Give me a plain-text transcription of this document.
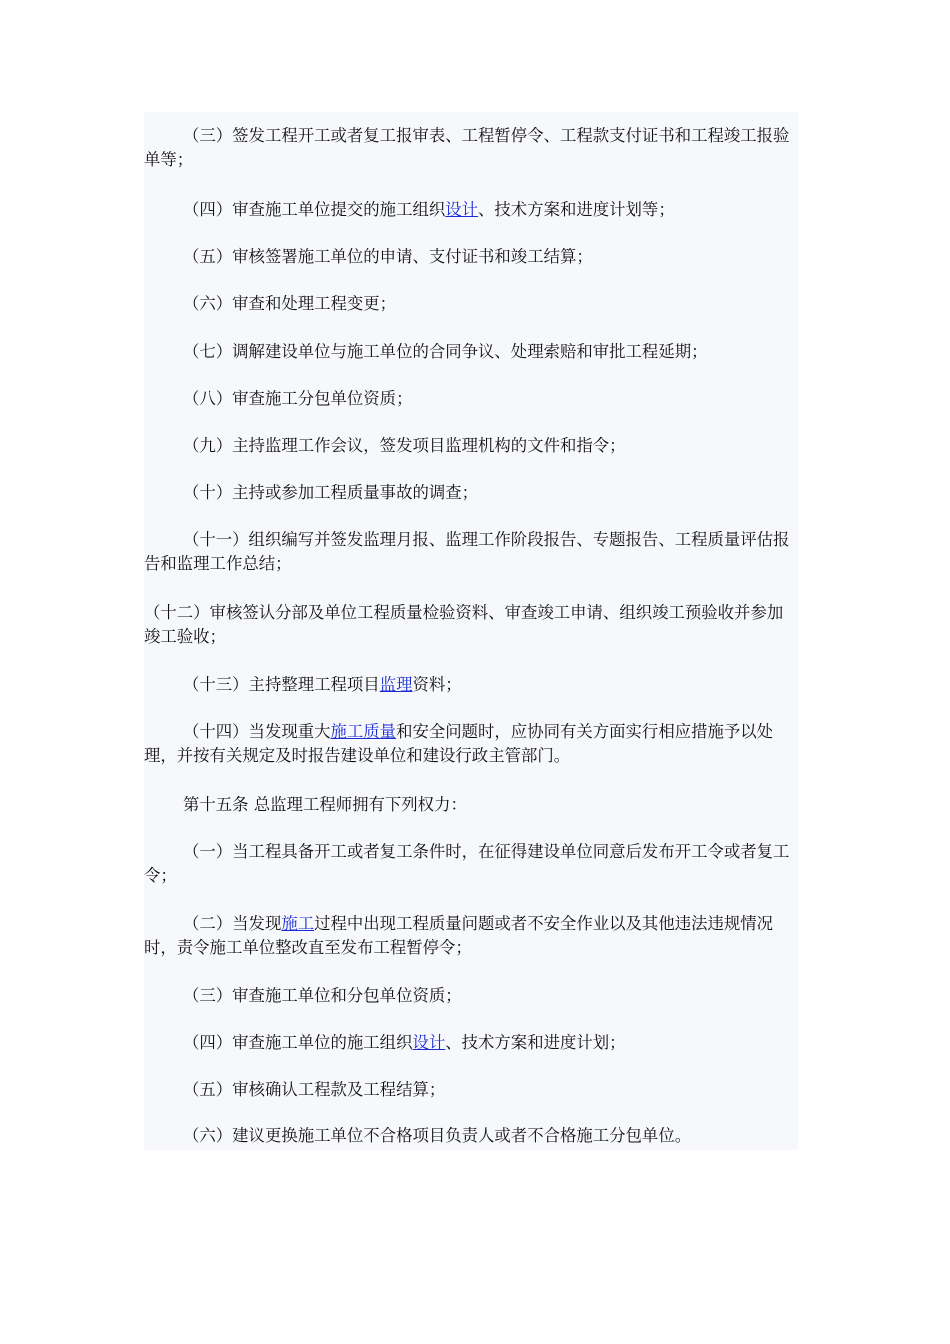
（三）签发工程开工或者复工报审表、工程暂停令、工程款支付证书和工程竣工报验单等；

（四）审查施工单位提交的施工组织设计、技术方案和进度计划等；

（五）审核签署施工单位的申请、支付证书和竣工结算；

（六）审查和处理工程变更；

（七）调解建设单位与施工单位的合同争议、处理索赔和审批工程延期；

（八）审查施工分包单位资质；

（九）主持监理工作会议，签发项目监理机构的文件和指令；

（十）主持或参加工程质量事故的调查；

（十一）组织编写并签发监理月报、监理工作阶段报告、专题报告、工程质量评估报告和监理工作总结；

（十二）审核签认分部及单位工程质量检验资料、审查竣工申请、组织竣工预验收并参加竣工验收；

（十三）主持整理工程项目监理资料；

（十四）当发现重大施工质量和安全问题时，应协同有关方面实行相应措施予以处理，并按有关规定及时报告建设单位和建设行政主管部门。

第十五条 总监理工程师拥有下列权力：

（一）当工程具备开工或者复工条件时，在征得建设单位同意后发布开工令或者复工令；

（二）当发现施工过程中出现工程质量问题或者不安全作业以及其他违法违规情况时，责令施工单位整改直至发布工程暂停令；

（三）审查施工单位和分包单位资质；

（四）审查施工单位的施工组织设计、技术方案和进度计划；

（五）审核确认工程款及工程结算；

（六）建议更换施工单位不合格项目负责人或者不合格施工分包单位。
